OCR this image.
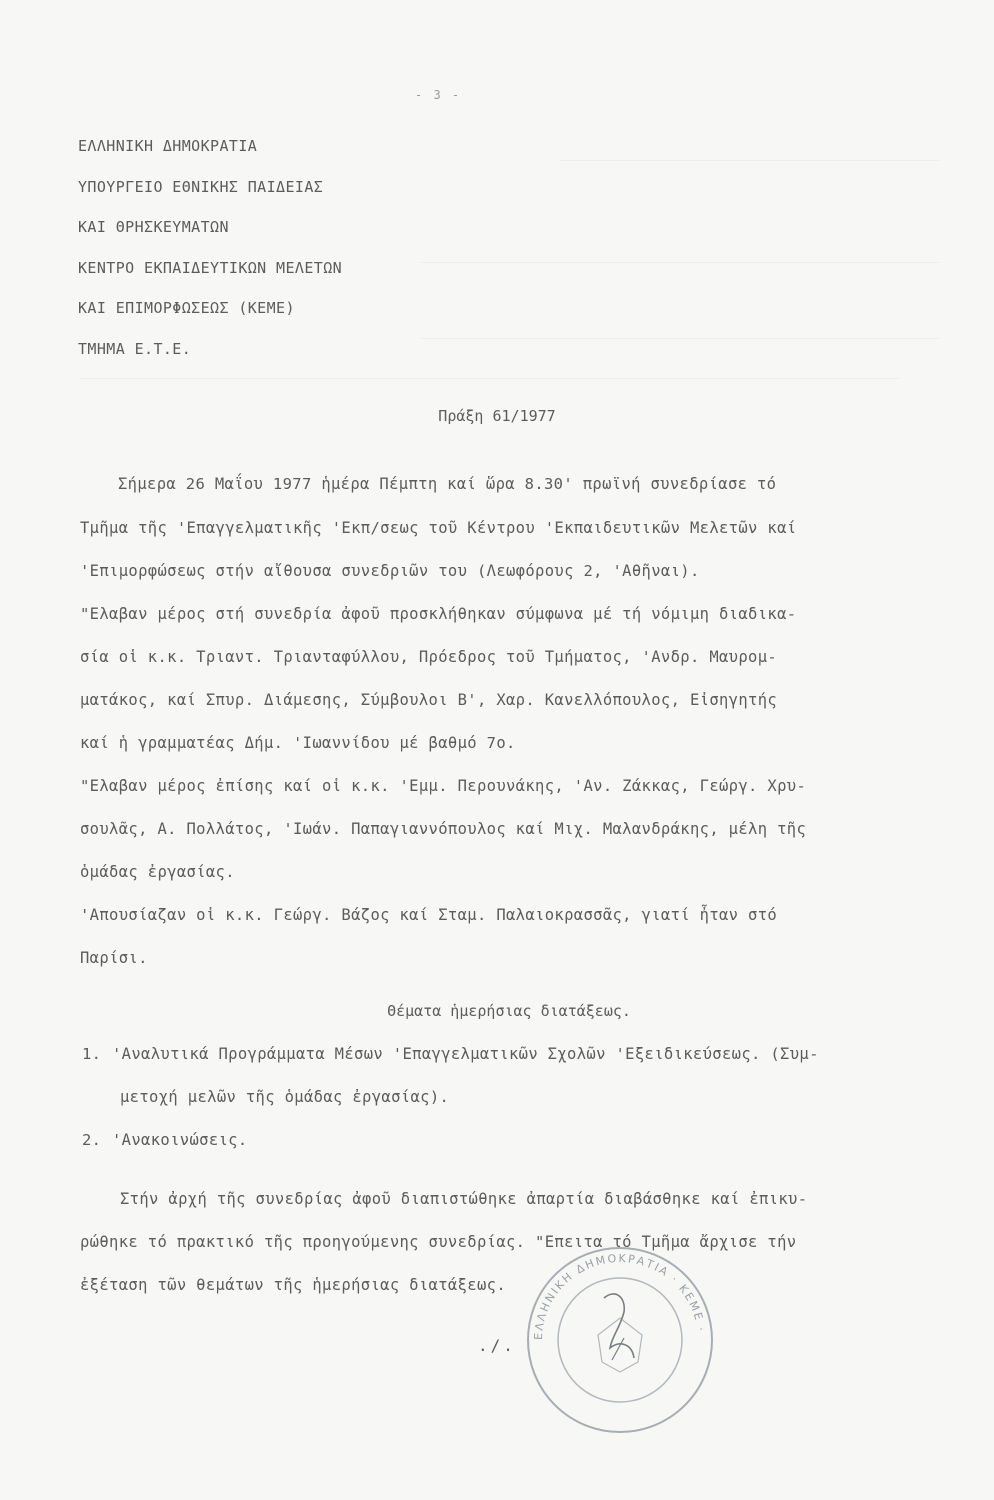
- 3 -
ΕΛΛΗΝΙΚΗ ΔΗΜΟΚΡΑΤΙΑ
ΥΠΟΥΡΓΕΙΟ ΕΘΝΙΚΗΣ ΠΑΙΔΕΙΑΣ
ΚΑΙ ΘΡΗΣΚΕΥΜΑΤΩΝ
ΚΕΝΤΡΟ ΕΚΠΑΙΔΕΥΤΙΚΩΝ ΜΕΛΕΤΩΝ
ΚΑΙ ΕΠΙΜΟΡΦΩΣΕΩΣ (ΚΕΜΕ)
ΤΜΗΜΑ Ε.Τ.Ε.
Πράξη 61/1977
Σήμερα 26 Μαΐου 1977 ἡμέρα Πέμπτη καί ὥρα 8.30' πρωϊνή συνεδρίασε τό
Τμῆμα τῆς 'Επαγγελματικῆς 'Εκπ/σεως τοῦ Κέντρου 'Εκπαιδευτικῶν Μελετῶν καί
'Επιμορφώσεως στήν αἴθουσα συνεδριῶν του (Λεωφόρους 2, 'Αθῆναι).
"Ελαβαν μέρος στή συνεδρία ἀφοῦ προσκλήθηκαν σύμφωνα μέ τή νόμιμη διαδικα-
σία οἱ κ.κ. Τριαντ. Τριανταφύλλου, Πρόεδρος τοῦ Τμήματος, 'Ανδρ. Μαυρομ-
ματάκος, καί Σπυρ. Διάμεσης, Σύμβουλοι Β', Χαρ. Κανελλόπουλος, Εἰσηγητής
καί ἡ γραμματέας Δήμ. 'Ιωαννίδου μέ βαθμό 7ο.
"Ελαβαν μέρος ἐπίσης καί οἱ κ.κ. 'Εμμ. Περουνάκης, 'Αν. Ζάκκας, Γεώργ. Χρυ-
σουλᾶς, Α. Πολλάτος, 'Ιωάν. Παπαγιαννόπουλος καί Μιχ. Μαλανδράκης, μέλη τῆς
ὁμάδας ἐργασίας.
'Απουσίαζαν οἱ κ.κ. Γεώργ. Βάζος καί Σταμ. Παλαιοκρασσᾶς, γιατί ἦταν στό
Παρίσι.
Θέματα ἡμερήσιας διατάξεως.
1. 'Αναλυτικά Προγράμματα Μέσων 'Επαγγελματικῶν Σχολῶν 'Εξειδικεύσεως. (Συμ-
μετοχή μελῶν τῆς ὁμάδας ἐργασίας).
2. 'Ανακοινώσεις.
Στήν ἀρχή τῆς συνεδρίας ἀφοῦ διαπιστώθηκε ἀπαρτία διαβάσθηκε καί ἐπικυ-
ρώθηκε τό πρακτικό τῆς προηγούμενης συνεδρίας. "Επειτα τό Τμῆμα ἄρχισε τήν
ἐξέταση τῶν θεμάτων τῆς ἡμερήσιας διατάξεως.
ΕΛΛΗΝΙΚΗ ΔΗΜΟΚΡΑΤΙΑ · ΚΕΜΕ ·
./.
